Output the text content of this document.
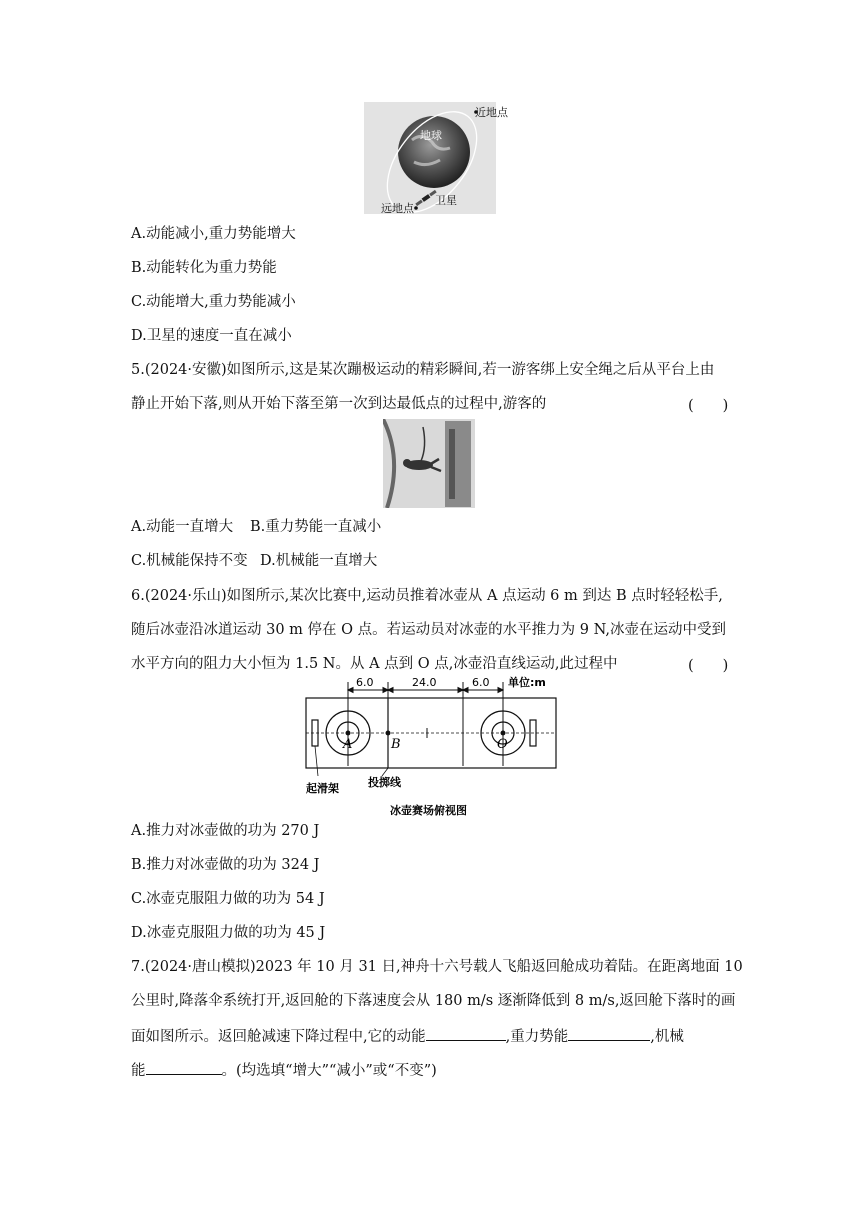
地球
近地点
远地点
卫星
A.动能减小,重力势能增大
B.动能转化为重力势能
C.动能增大,重力势能减小
D.卫星的速度一直在减小
5.(2024·安徽)如图所示,这是某次蹦极运动的精彩瞬间,若一游客绑上安全绳之后从平台上由
静止开始下落,则从开始下落至第一次到达最低点的过程中,游客的	(　　)
A.动能一直增大 B.重力势能一直减小
C.机械能保持不变 D.机械能一直增大
6.(2024·乐山)如图所示,某次比赛中,运动员推着冰壶从 A 点运动 6 m 到达 B 点时轻轻松手,
随后冰壶沿冰道运动 30 m 停在 O 点。若运动员对冰壶的水平推力为 9 N,冰壶在运动中受到
水平方向的阻力大小恒为 1.5 N。从 A 点到 O 点,冰壶沿直线运动,此过程中	(　　)
6.0	24.0	6.0 单位:m
A	B	O
起滑架	投掷线
冰壶赛场俯视图
A.推力对冰壶做的功为 270 J
B.推力对冰壶做的功为 324 J
C.冰壶克服阻力做的功为 54 J
D.冰壶克服阻力做的功为 45 J
7.(2024·唐山模拟)2023 年 10 月 31 日,神舟十六号载人飞船返回舱成功着陆。在距离地面 10
公里时,降落伞系统打开,返回舱的下落速度会从 180 m/s 逐渐降低到 8 m/s,返回舱下落时的画
面如图所示。返回舱减速下降过程中,它的动能	,重力势能	,机械
能	。(均选填“增大”“减小”或“不变”)
